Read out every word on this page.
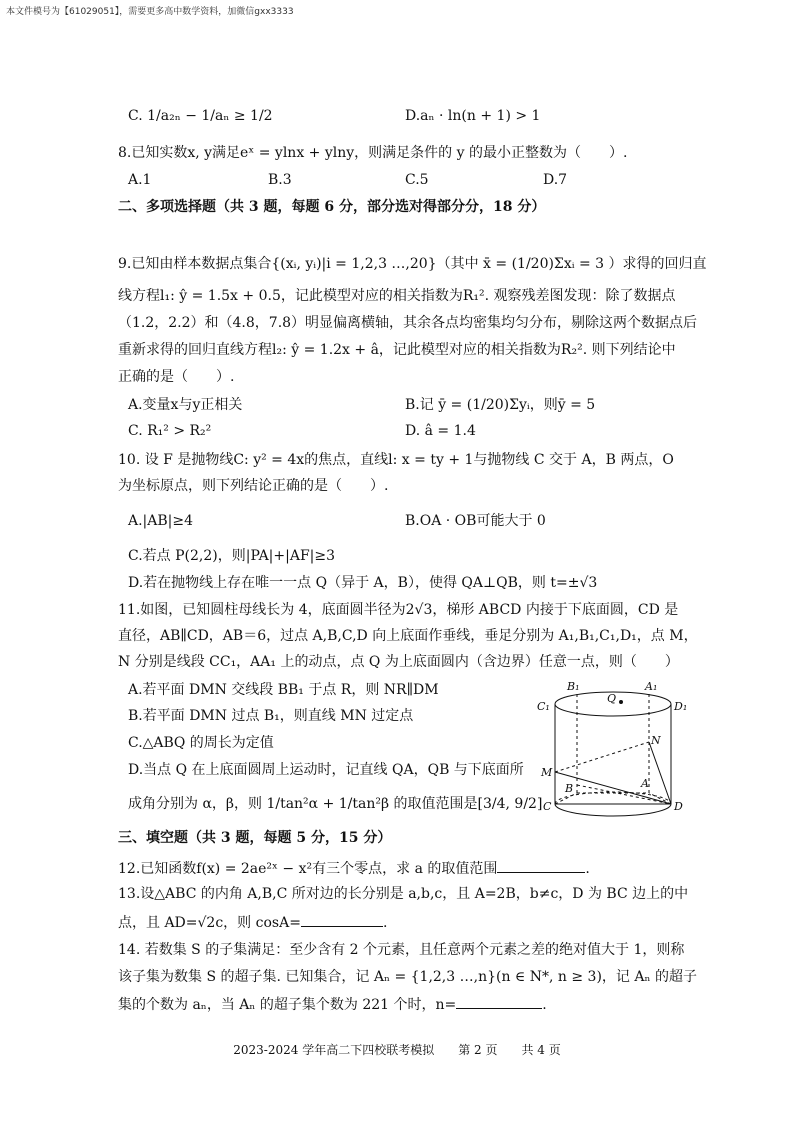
本文件模号为【61029051】，需要更多高中数学资料，加微信gxx3333
C. 1/a₂ₙ − 1/aₙ ≥ 1/2	D.aₙ · ln(n + 1) > 1
8.已知实数x, y满足eˣ = ylnx + ylny，则满足条件的 y 的最小正整数为（　　）.
A.1	B.3	C.5	D.7
二、多项选择题（共 3 题，每题 6 分，部分选对得部分分，18 分）
9.已知由样本数据点集合{(xᵢ, yᵢ)|i = 1,2,3 …,20}（其中 x̄ = (1/20)Σxᵢ = 3 ）求得的回归直
线方程l₁: ŷ = 1.5x + 0.5，记此模型对应的相关指数为R₁². 观察残差图发现：除了数据点
（1.2，2.2）和（4.8，7.8）明显偏离横轴，其余各点均密集均匀分布，剔除这两个数据点后
重新求得的回归直线方程l₂: ŷ = 1.2x + â，记此模型对应的相关指数为R₂². 则下列结论中
正确的是（　　）.
A.变量x与y正相关	B.记 ȳ = (1/20)Σyᵢ，则ȳ = 5
C. R₁² > R₂²	D. â = 1.4
10. 设 F 是抛物线C: y² = 4x的焦点，直线l: x = ty + 1与抛物线 C 交于 A，B 两点，O
为坐标原点，则下列结论正确的是（　　）.
A.|AB|≥4	B.OA · OB可能大于 0
C.若点 P(2,2)，则|PA|+|AF|≥3
D.若在抛物线上存在唯一一点 Q（异于 A，B），使得 QA⊥QB，则 t=±√3
11.如图，已知圆柱母线长为 4，底面圆半径为2√3，梯形 ABCD 内接于下底面圆，CD 是
直径，AB∥CD，AB＝6，过点 A,B,C,D 向上底面作垂线，垂足分别为 A₁,B₁,C₁,D₁，点 M，
N 分别是线段 CC₁，AA₁ 上的动点，点 Q 为上底面圆内（含边界）任意一点，则（　　）
A.若平面 DMN 交线段 BB₁ 于点 R，则 NR∥DM
B.若平面 DMN 过点 B₁，则直线 MN 过定点
C.△ABQ 的周长为定值
D.当点 Q 在上底面圆周上运动时，记直线 QA，QB 与下底面所
成角分别为 α，β，则 1/tan²α + 1/tan²β 的取值范围是[3/4, 9/2]
B₁	A₁
Q
C₁	D₁
N
M
A
B
C	D
三、填空题（共 3 题，每题 5 分，15 分）
12.已知函数f(x) = 2ae²ˣ − x²有三个零点，求 a 的取值范围	.
13.设△ABC 的内角 A,B,C 所对边的长分别是 a,b,c，且 A=2B，b≠c，D 为 BC 边上的中
点，且 AD=√2c，则 cosA=	.
14. 若数集 S 的子集满足：至少含有 2 个元素，且任意两个元素之差的绝对值大于 1，则称
该子集为数集 S 的超子集. 已知集合，记 Aₙ = {1,2,3 …,n}(n ∈ N*, n ≥ 3)，记 Aₙ 的超子
集的个数为 aₙ，当 Aₙ 的超子集个数为 221 个时，n=	.
2023-2024 学年高二下四校联考模拟　　第 2 页　　共 4 页
